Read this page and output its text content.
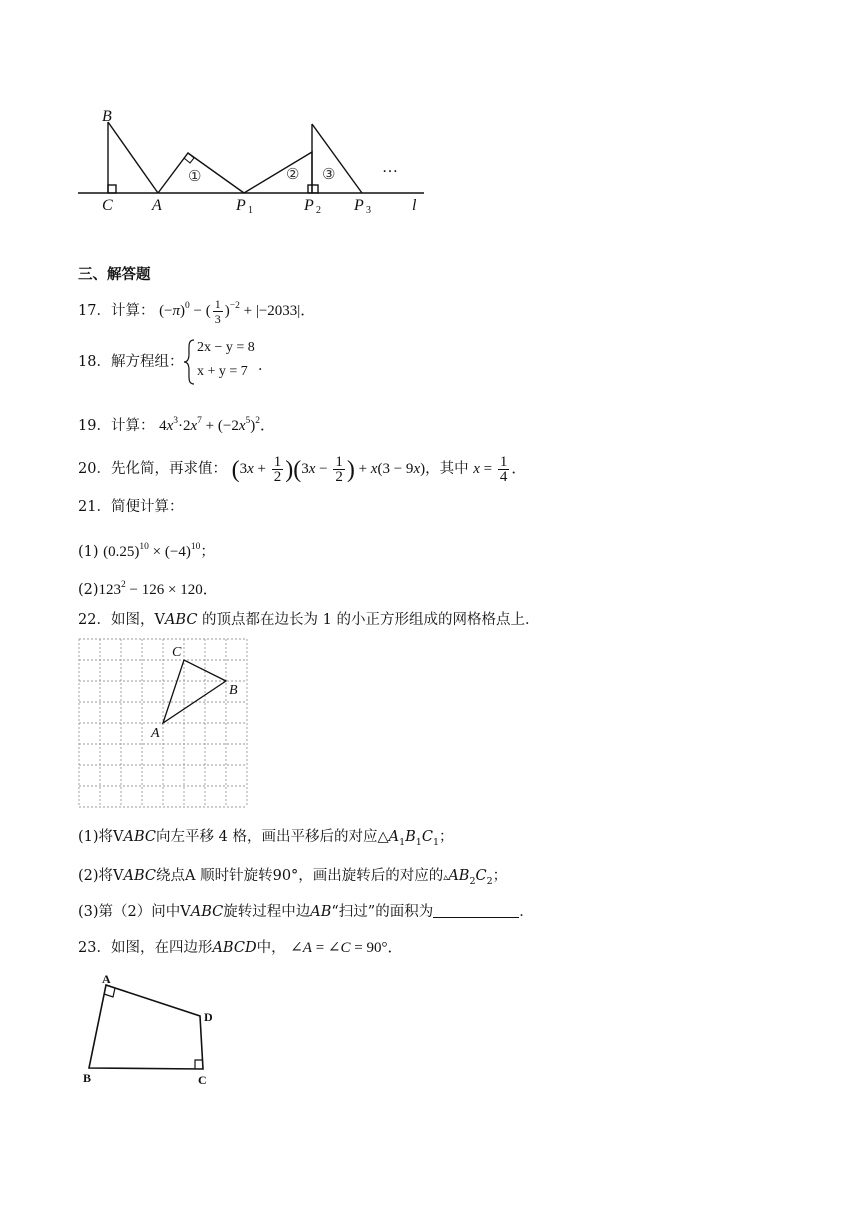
B
C A	P 1	P 2 P 3	l
①	② ③	…
三、解答题
17．计算： $(-\pi)^0$ − ( $\frac{1}{3} )^{-2} + |-2033|$．
18．解方程组：
2x − y = 8
x + y = 7 ．
19．计算： $4x^3\cdot 2x^7 + (-2x^5)^2$．
20．先化简，再求值： $(3x + \frac{1}{2} )(3x - \frac{1}{2}$ ) + x(3 − 9x)，其中 $x = \frac{1}{4}$ ．
21．简便计算：
(1) $(0.25)^{10} \times (-4)^{10}$；
$(2)123^2 - 126 \times 120$．
22．如图，VABC 的顶点都在边长为 1 的小正方形组成的网格格点上．
A
C
B
(1)将VABC向左平移 4 格，画出平移后的对应$\triangle A_1B_1C_1$；
(2)将VABC绕点A 顺时针旋转90°，画出旋转后的对应的$▵AB_2C_2$；
(3)第（2）问中VABC旋转过程中边AB“扫过”的面积为	．
23．如图，在四边形ABCD中， ∠A = ∠C = 90°．
A
B	C
D
